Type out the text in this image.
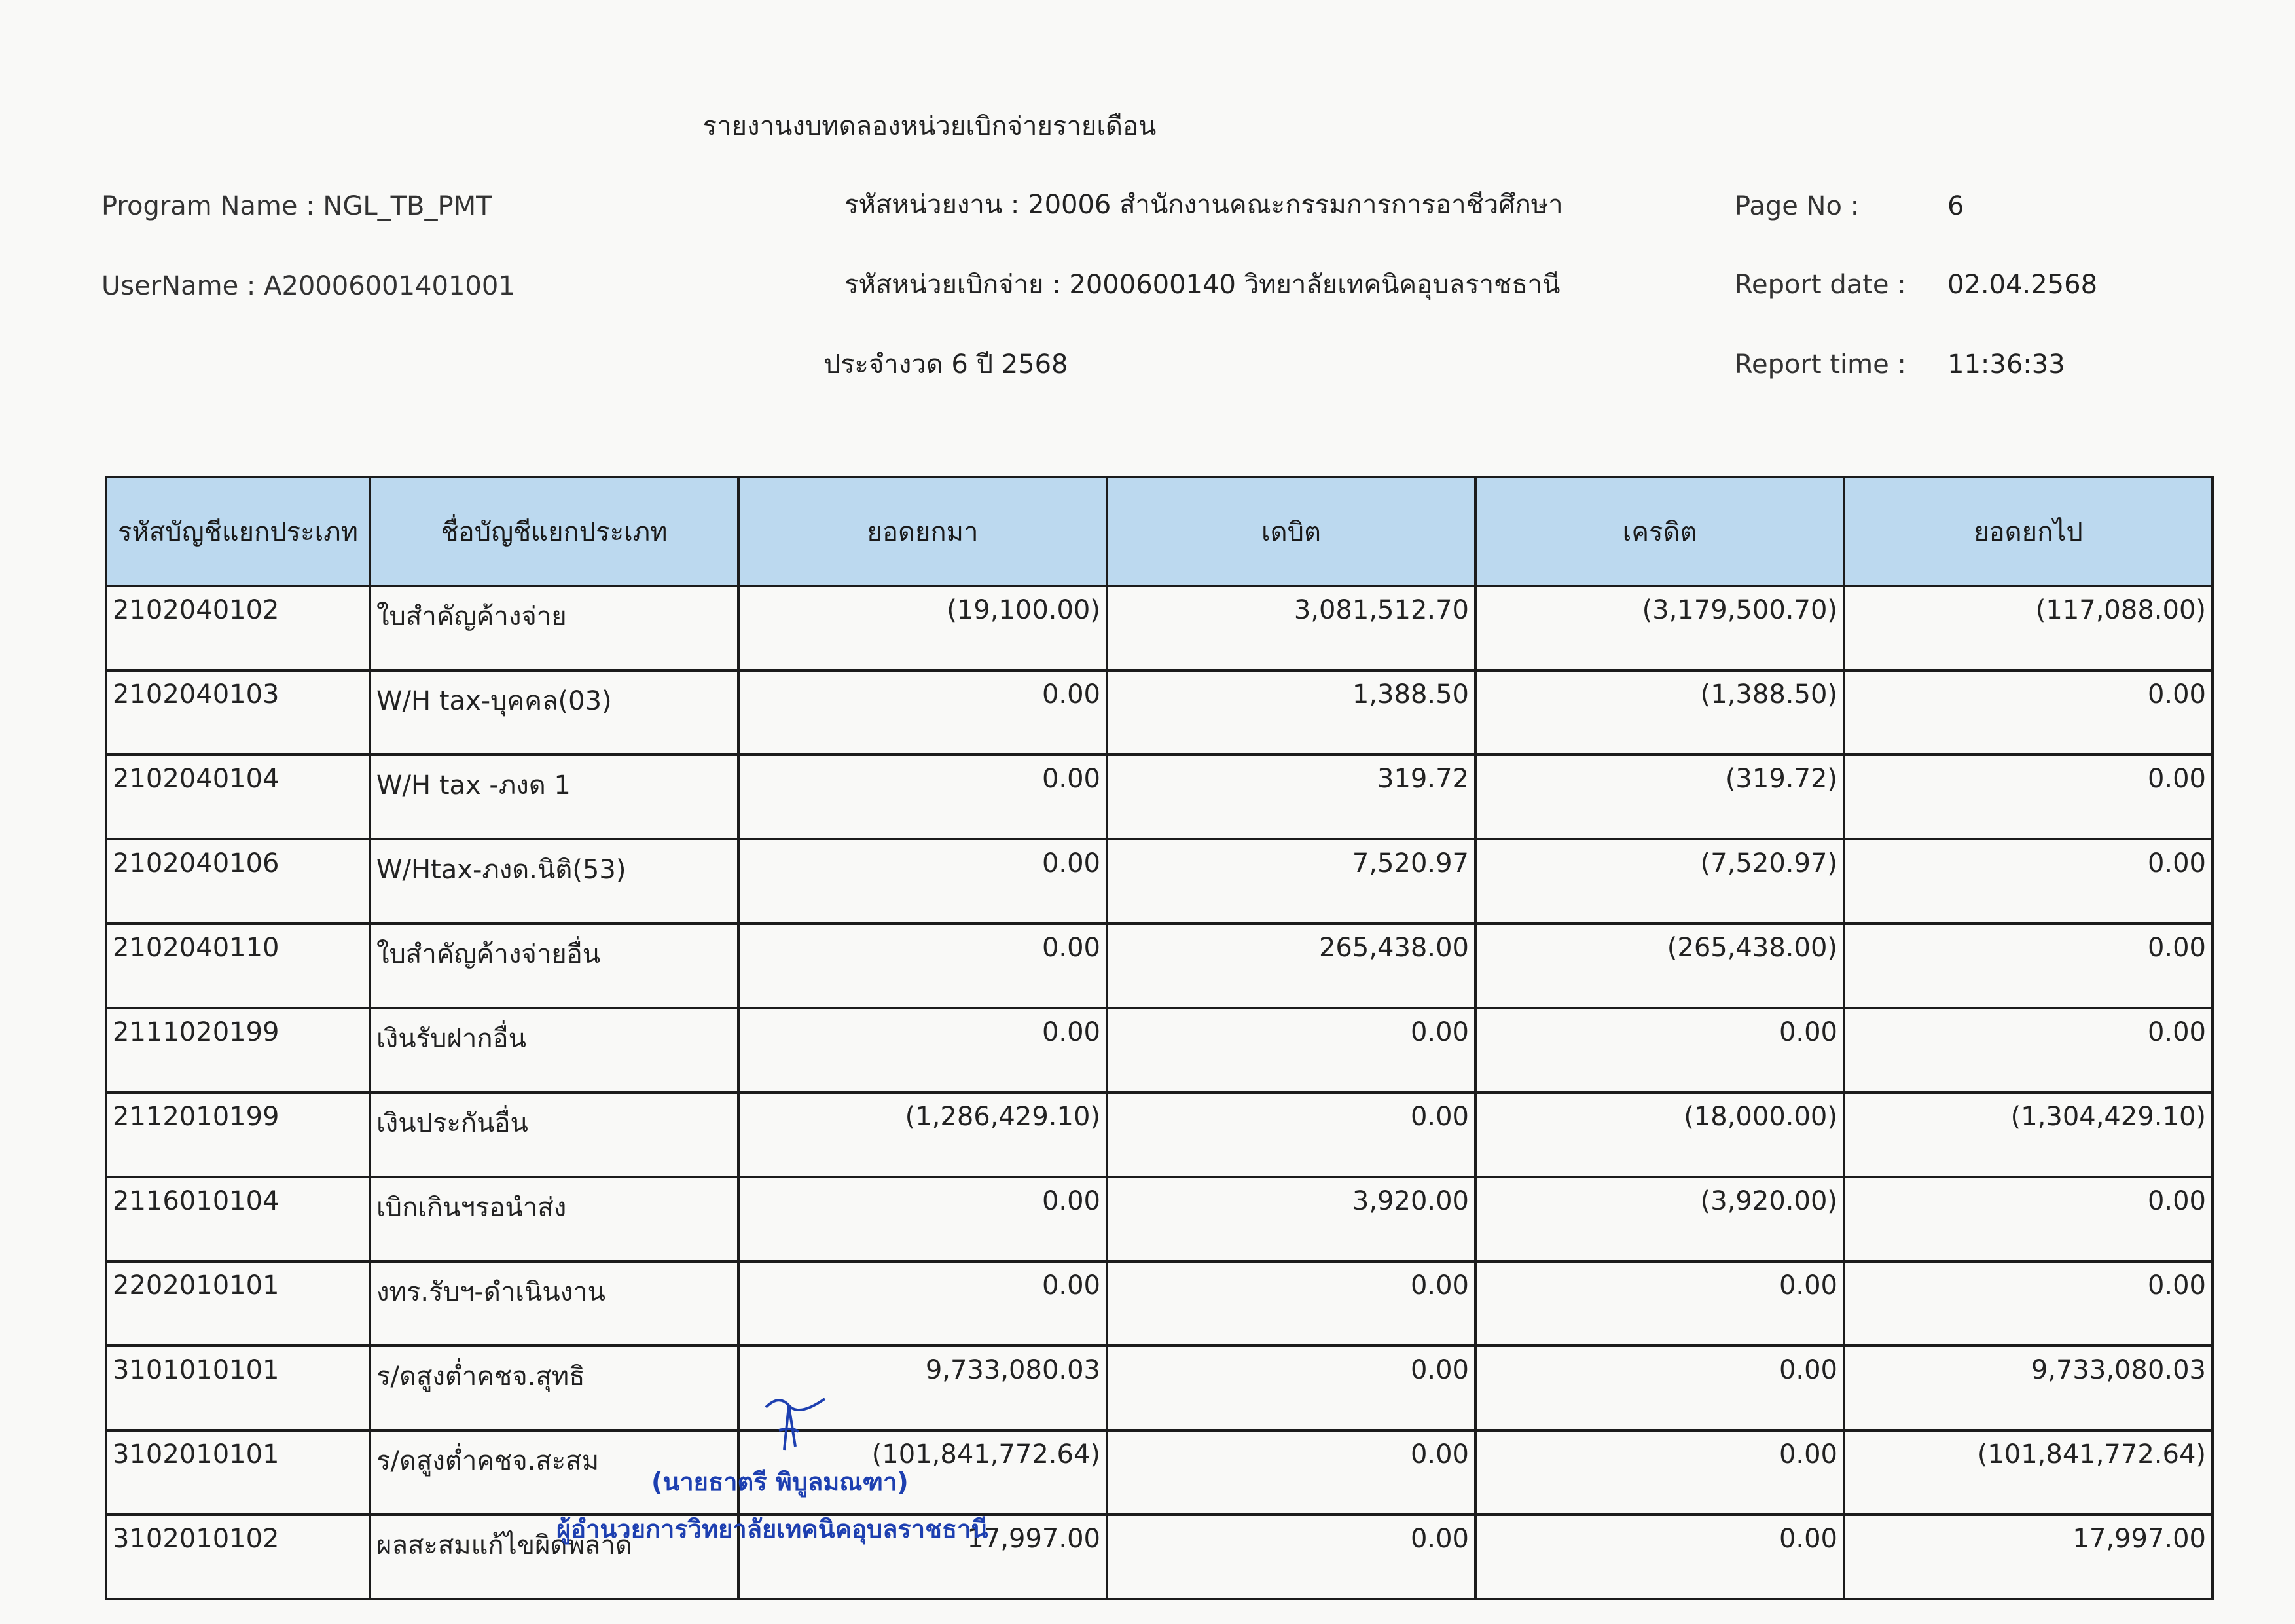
รายงานงบทดลองหน่วยเบิกจ่ายรายเดือน
Program Name : NGL_TB_PMT
UserName : A20006001401001
รหัสหน่วยงาน : 20006 สำนักงานคณะกรรมการการอาชีวศึกษา
รหัสหน่วยเบิกจ่าย : 2000600140 วิทยาลัยเทคนิคอุบลราชธานี
ประจำงวด 6 ปี 2568
Page No :	6
Report date : 02.04.2568
Report time : 11:36:33
รหัสบัญชีแยกประเภท	ชื่อบัญชีแยกประเภท	ยอดยกมา	เดบิต	เครดิต	ยอดยกไป
2102040102	ใบสำคัญค้างจ่าย	(19,100.00)	3,081,512.70	(3,179,500.70)	(117,088.00)
2102040103	W/H tax-บุคคล(03)	0.00	1,388.50	(1,388.50)	0.00
2102040104	W/H tax -ภงด 1	0.00	319.72	(319.72)	0.00
2102040106	W/Htax-ภงด.นิติ(53)	0.00	7,520.97	(7,520.97)	0.00
2102040110	ใบสำคัญค้างจ่ายอื่น	0.00	265,438.00	(265,438.00)	0.00
2111020199	เงินรับฝากอื่น	0.00	0.00	0.00	0.00
2112010199	เงินประกันอื่น	(1,286,429.10)	0.00	(18,000.00)	(1,304,429.10)
2116010104	เบิกเกินฯรอนำส่ง	0.00	3,920.00	(3,920.00)	0.00
2202010101	งทร.รับฯ-ดำเนินงาน	0.00	0.00	0.00	0.00
3101010101	ร/ดสูงต่ำคชจ.สุทธิ	9,733,080.03	0.00	0.00	9,733,080.03
3102010101	ร/ดสูงต่ำคชจ.สะสม	(101,841,772.64)	0.00	0.00	(101,841,772.64)
3102010102	ผลสะสมแก้ไขผิดพลาด	17,997.00	0.00	0.00	17,997.00
(นายธาตรี พิบูลมณฑา)
ผู้อำนวยการวิทยาลัยเทคนิคอุบลราชธานี
